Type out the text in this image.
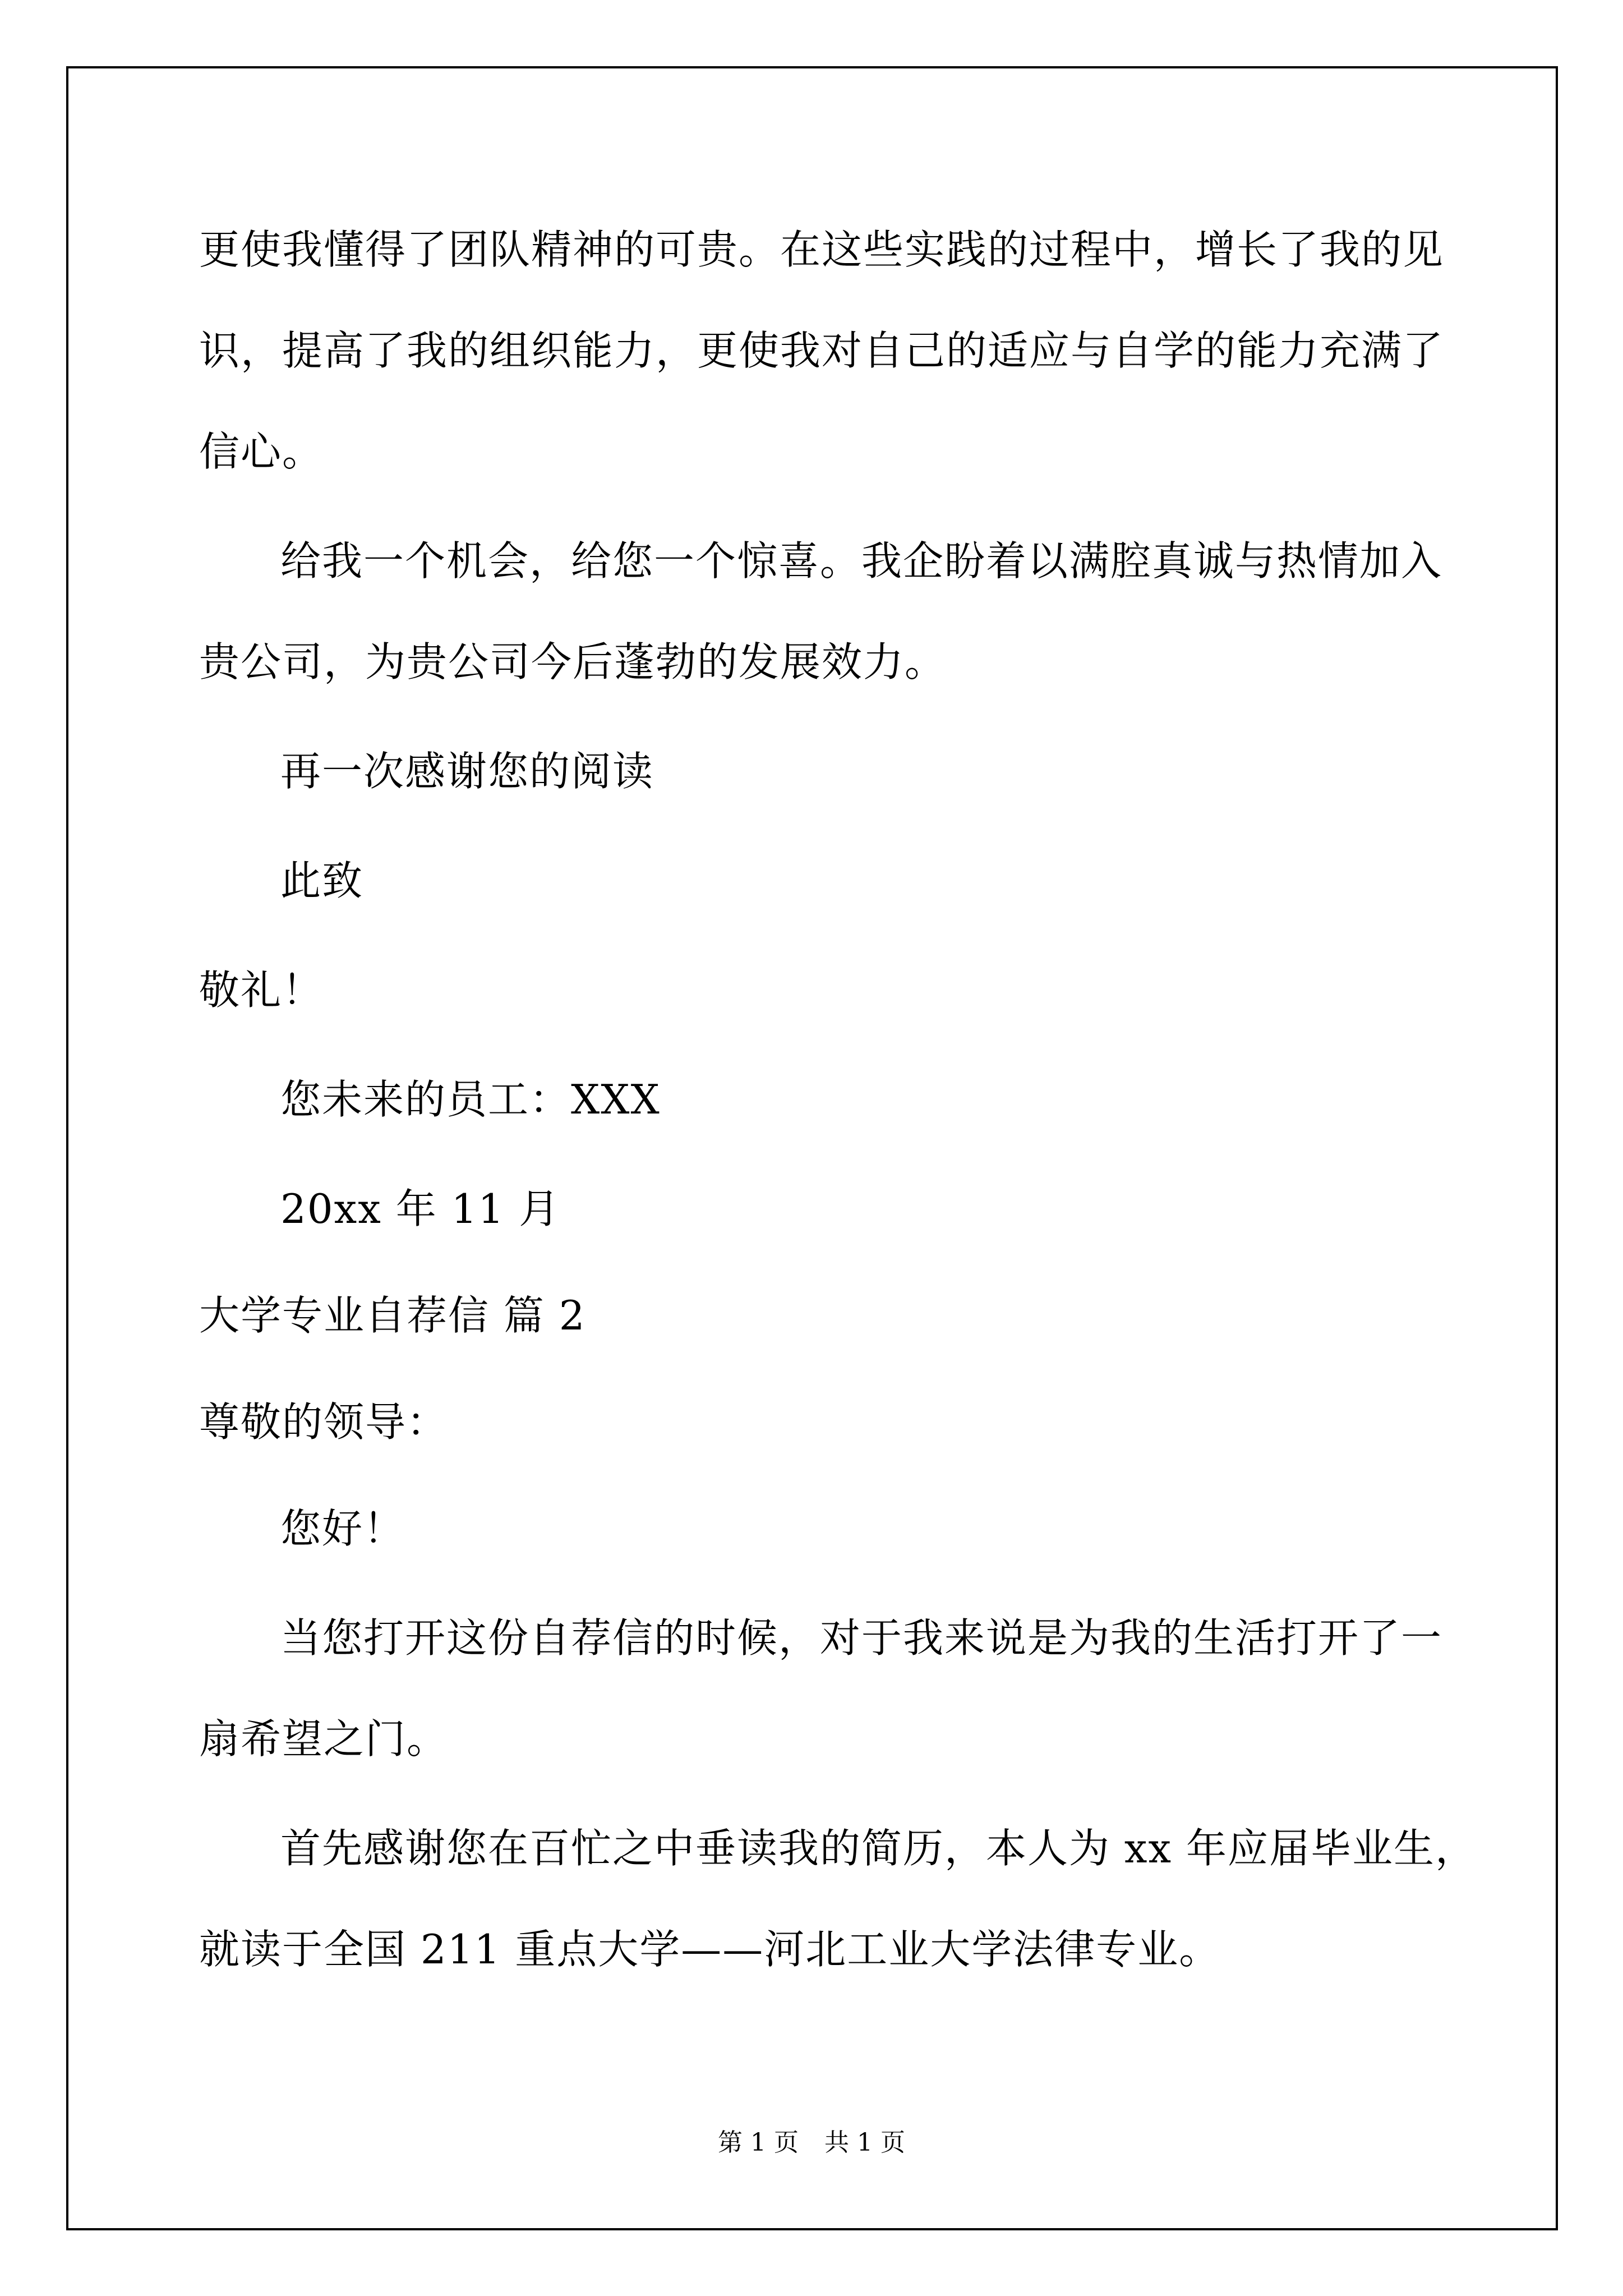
更使我懂得了团队精神的可贵。在这些实践的过程中，增长了我的见
识，提高了我的组织能力，更使我对自己的适应与自学的能力充满了
信心。
给我一个机会，给您一个惊喜。我企盼着以满腔真诚与热情加入
贵公司，为贵公司今后蓬勃的发展效力。
再一次感谢您的阅读
此致
敬礼！
您未来的员工：XXX
20xx 年 11 月
大学专业自荐信 篇 2
尊敬的领导：
您好！
当您打开这份自荐信的时候，对于我来说是为我的生活打开了一
扇希望之门。
首先感谢您在百忙之中垂读我的简历，本人为 xx 年应届毕业生，
就读于全国 211 重点大学——河北工业大学法律专业。
第 1 页 共 1 页
